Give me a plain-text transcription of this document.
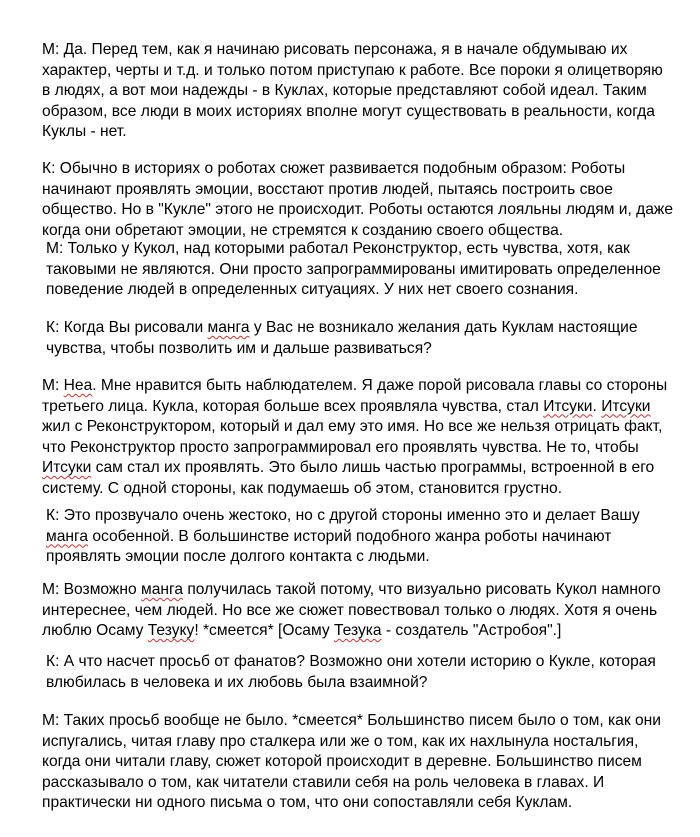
М: Да. Перед тем, как я начинаю рисовать персонажа, я в начале обдумываю их
характер, черты и т.д. и только потом приступаю к работе. Все пороки я олицетворяю
в людях, а вот мои надежды - в Куклах, которые представляют собой идеал. Таким
образом, все люди в моих историях вполне могут существовать в реальности, когда
Куклы - нет.
К: Обычно в историях о роботах сюжет развивается подобным образом: Роботы
начинают проявлять эмоции, восстают против людей, пытаясь построить свое
общество. Но в "Кукле" этого не происходит. Роботы остаются лояльны людям и, даже
когда они обретают эмоции, не стремятся к созданию своего общества.
М: Только у Кукол, над которыми работал Реконструктор, есть чувства, хотя, как
таковыми не являются. Они просто запрограммированы имитировать определенное
поведение людей в определенных ситуациях. У них нет своего сознания.
К: Когда Вы рисовали манга у Вас не возникало желания дать Куклам настоящие
чувства, чтобы позволить им и дальше развиваться?
М: Неа. Мне нравится быть наблюдателем. Я даже порой рисовала главы со стороны
третьего лица. Кукла, которая больше всех проявляла чувства, стал Итсуки. Итсуки
жил с Реконструктором, который и дал ему это имя. Но все же нельзя отрицать факт,
что Реконструктор просто запрограммировал его проявлять чувства. Не то, чтобы
Итсуки сам стал их проявлять. Это было лишь частью программы, встроенной в его
систему. С одной стороны, как подумаешь об этом, становится грустно.
К: Это прозвучало очень жестоко, но с другой стороны именно это и делает Вашу
манга особенной. В большинстве историй подобного жанра роботы начинают
проявлять эмоции после долгого контакта с людьми.
М: Возможно манга получилась такой потому, что визуально рисовать Кукол намного
интереснее, чем людей. Но все же сюжет повествовал только о людях. Хотя я очень
люблю Осаму Тезуку! *смеется* [Осаму Тезука - создатель "Астробоя".]
К: А что насчет просьб от фанатов? Возможно они хотели историю о Кукле, которая
влюбилась в человека и их любовь была взаимной?
М: Таких просьб вообще не было. *смеется* Большинство писем было о том, как они
испугались, читая главу про сталкера или же о том, как их нахлынула ностальгия,
когда они читали главу, сюжет которой происходит в деревне. Большинство писем
рассказывало о том, как читатели ставили себя на роль человека в главах. И
практически ни одного письма о том, что они сопоставляли себя Куклам.
